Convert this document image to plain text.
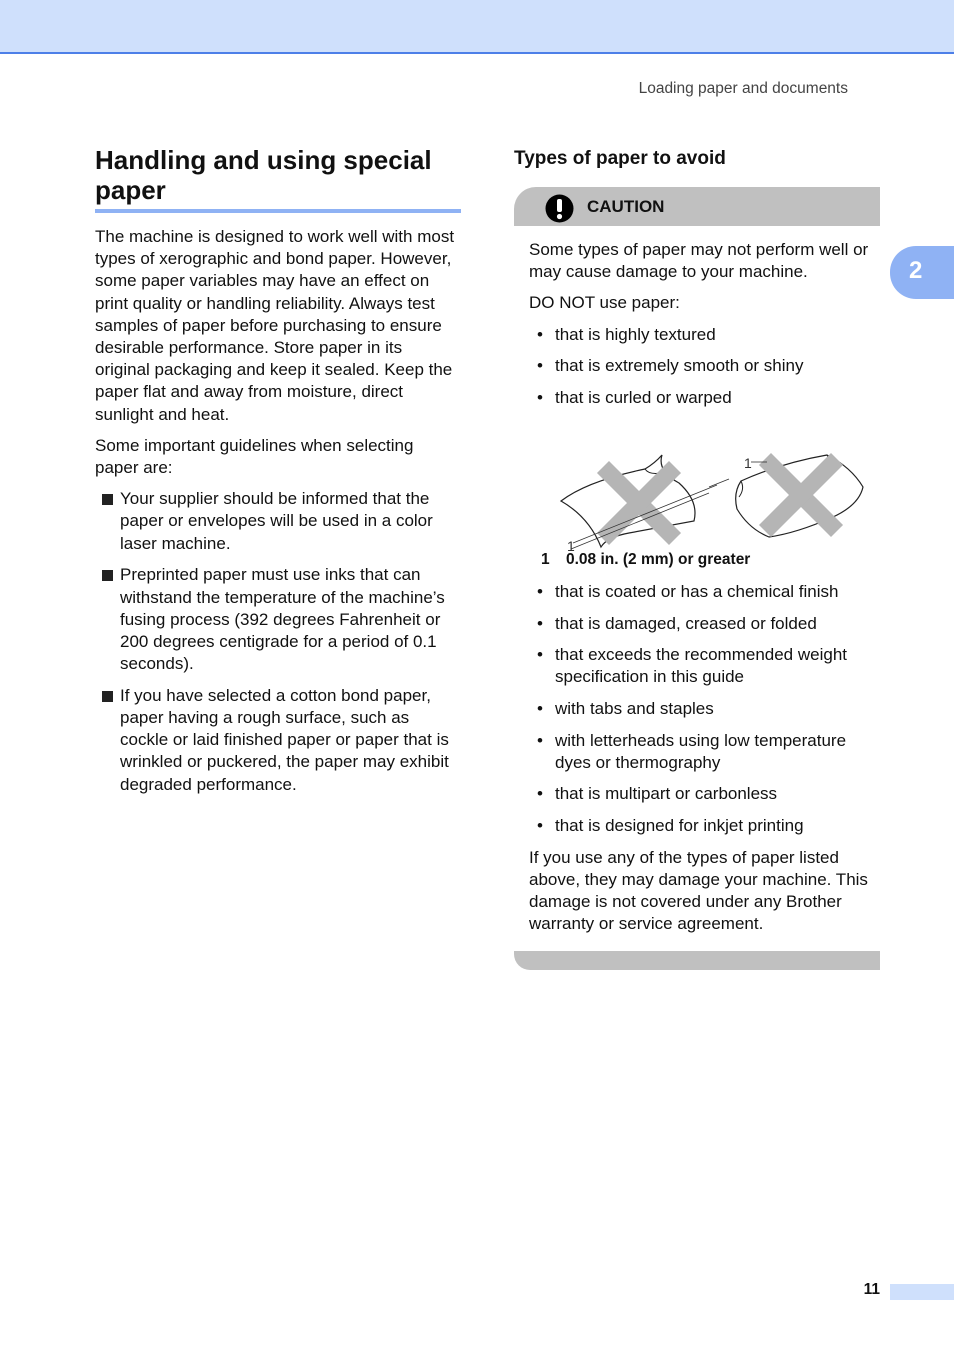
Loading paper and documents
2
Handling and using special paper

The machine is designed to work well with most types of xerographic and bond paper. However, some paper variables may have an effect on print quality or handling reliability. Always test samples of paper before purchasing to ensure desirable performance. Store paper in its original packaging and keep it sealed. Keep the paper flat and away from moisture, direct sunlight and heat.

Some important guidelines when selecting paper are:

Your supplier should be informed that the paper or envelopes will be used in a color laser machine.
Preprinted paper must use inks that can withstand the temperature of the machine’s fusing process (392 degrees Fahrenheit or 200 degrees centigrade for a period of 0.1 seconds).
If you have selected a cotton bond paper, paper having a rough surface, such as cockle or laid finished paper or paper that is wrinkled or puckered, the paper may exhibit degraded performance.
Types of paper to avoid
CAUTION

Some types of paper may not perform well or may cause damage to your machine.

DO NOT use paper:

• that is highly textured
• that is extremely smooth or shiny
• that is curled or warped
1
1

1 0.08 in. (2 mm) or greater

• that is coated or has a chemical finish
• that is damaged, creased or folded
• that exceeds the recommended weight specification in this guide
• with tabs and staples
• with letterheads using low temperature dyes or thermography
• that is multipart or carbonless
• that is designed for inkjet printing

If you use any of the types of paper listed above, they may damage your machine. This damage is not covered under any Brother warranty or service agreement.

11
